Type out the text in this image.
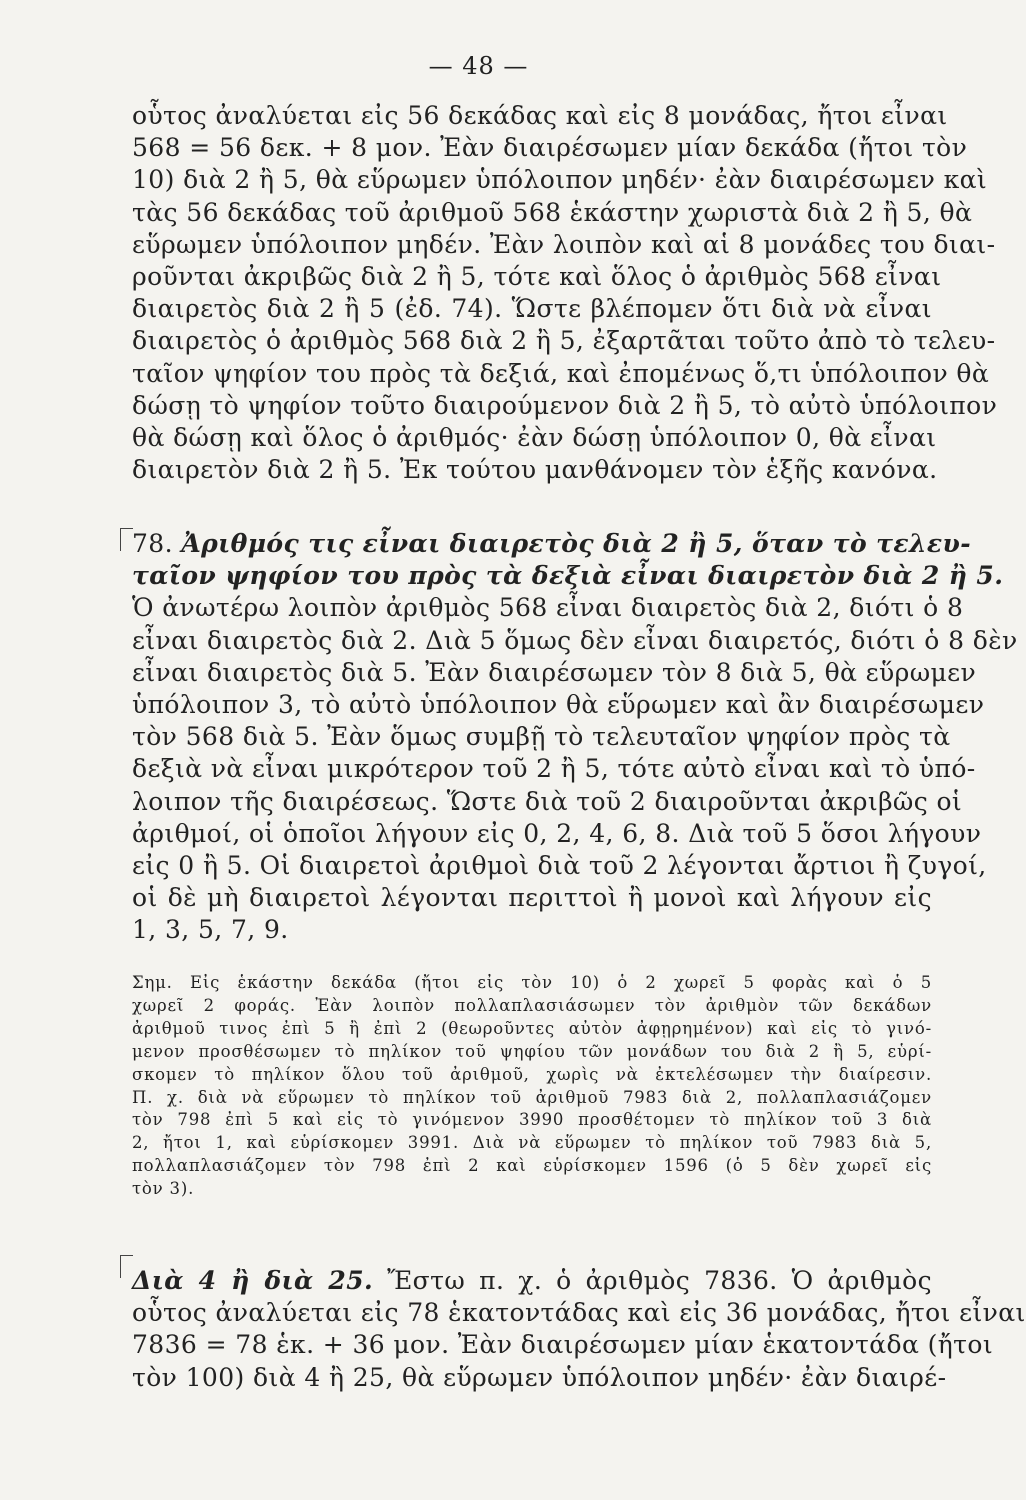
— 48 —
οὗτος ἀναλύεται εἰς 56 δεκάδας καὶ εἰς 8 μονάδας, ἤτοι εἶναι
568 = 56 δεκ. + 8 μον. Ἐὰν διαιρέσωμεν μίαν δεκάδα (ἤτοι τὸν
10) διὰ 2 ἢ 5, θὰ εὕρωμεν ὑπόλοιπον μηδέν· ἐὰν διαιρέσωμεν καὶ
τὰς 56 δεκάδας τοῦ ἀριθμοῦ 568 ἑκάστην χωριστὰ διὰ 2 ἢ 5, θὰ
εὕρωμεν ὑπόλοιπον μηδέν. Ἐὰν λοιπὸν καὶ αἱ 8 μονάδες του διαι-
ροῦνται ἀκριβῶς διὰ 2 ἢ 5, τότε καὶ ὅλος ὁ ἀριθμὸς 568 εἶναι
διαιρετὸς διὰ 2 ἢ 5 (ἐδ. 74). Ὥστε βλέπομεν ὅτι διὰ νὰ εἶναι
διαιρετὸς ὁ ἀριθμὸς 568 διὰ 2 ἢ 5, ἐξαρτᾶται τοῦτο ἀπὸ τὸ τελευ-
ταῖον ψηφίον του πρὸς τὰ δεξιά, καὶ ἐπομένως ὅ,τι ὑπόλοιπον θὰ
δώσῃ τὸ ψηφίον τοῦτο διαιρούμενον διὰ 2 ἢ 5, τὸ αὐτὸ ὑπόλοιπον
θὰ δώσῃ καὶ ὅλος ὁ ἀριθμός· ἐὰν δώσῃ ὑπόλοιπον 0, θὰ εἶναι
διαιρετὸν διὰ 2 ἢ 5. Ἐκ τούτου μανθάνομεν τὸν ἑξῆς κανόνα.
78. Ἀριθμός τις εἶναι διαιρετὸς διὰ 2 ἢ 5, ὅταν τὸ τελευ-
ταῖον ψηφίον του πρὸς τὰ δεξιὰ εἶναι διαιρετὸν διὰ 2 ἢ 5.
Ὁ ἀνωτέρω λοιπὸν ἀριθμὸς 568 εἶναι διαιρετὸς διὰ 2, διότι ὁ 8
εἶναι διαιρετὸς διὰ 2. Διὰ 5 ὅμως δὲν εἶναι διαιρετός, διότι ὁ 8 δὲν
εἶναι διαιρετὸς διὰ 5. Ἐὰν διαιρέσωμεν τὸν 8 διὰ 5, θὰ εὕρωμεν
ὑπόλοιπον 3, τὸ αὐτὸ ὑπόλοιπον θὰ εὕρωμεν καὶ ἂν διαιρέσωμεν
τὸν 568 διὰ 5. Ἐὰν ὅμως συμβῇ τὸ τελευταῖον ψηφίον πρὸς τὰ
δεξιὰ νὰ εἶναι μικρότερον τοῦ 2 ἢ 5, τότε αὐτὸ εἶναι καὶ τὸ ὑπό-
λοιπον τῆς διαιρέσεως. Ὥστε διὰ τοῦ 2 διαιροῦνται ἀκριβῶς οἱ
ἀριθμοί, οἱ ὁποῖοι λήγουν εἰς 0, 2, 4, 6, 8. Διὰ τοῦ 5 ὅσοι λήγουν
εἰς 0 ἢ 5. Οἱ διαιρετοὶ ἀριθμοὶ διὰ τοῦ 2 λέγονται ἄρτιοι ἢ ζυγοί,
οἱ δὲ μὴ διαιρετοὶ λέγονται περιττοὶ ἢ μονοὶ καὶ λήγουν εἰς
1, 3, 5, 7, 9.
Σημ. Εἰς ἑκάστην δεκάδα (ἤτοι εἰς τὸν 10) ὁ 2 χωρεῖ 5 φορὰς καὶ ὁ 5
χωρεῖ 2 φοράς. Ἐὰν λοιπὸν πολλαπλασιάσωμεν τὸν ἀριθμὸν τῶν δεκάδων
ἀριθμοῦ τινος ἐπὶ 5 ἢ ἐπὶ 2 (θεωροῦντες αὐτὸν ἀφῃρημένον) καὶ εἰς τὸ γινό-
μενον προσθέσωμεν τὸ πηλίκον τοῦ ψηφίου τῶν μονάδων του διὰ 2 ἢ 5, εὑρί-
σκομεν τὸ πηλίκον ὅλου τοῦ ἀριθμοῦ, χωρὶς νὰ ἐκτελέσωμεν τὴν διαίρεσιν.
Π. χ. διὰ νὰ εὕρωμεν τὸ πηλίκον τοῦ ἀριθμοῦ 7983 διὰ 2, πολλαπλασιάζομεν
τὸν 798 ἐπὶ 5 καὶ εἰς τὸ γινόμενον 3990 προσθέτομεν τὸ πηλίκον τοῦ 3 διὰ
2, ἤτοι 1, καὶ εὑρίσκομεν 3991. Διὰ νὰ εὕρωμεν τὸ πηλίκον τοῦ 7983 διὰ 5,
πολλαπλασιάζομεν τὸν 798 ἐπὶ 2 καὶ εὑρίσκομεν 1596 (ὁ 5 δὲν χωρεῖ εἰς
τὸν 3).
Διὰ 4 ἢ διὰ 25. Ἔστω π. χ. ὁ ἀριθμὸς 7836. Ὁ ἀριθμὸς
οὗτος ἀναλύεται εἰς 78 ἑκατοντάδας καὶ εἰς 36 μονάδας, ἤτοι εἶναι
7836 = 78 ἑκ. + 36 μον. Ἐὰν διαιρέσωμεν μίαν ἑκατοντάδα (ἤτοι
τὸν 100) διὰ 4 ἢ 25, θὰ εὕρωμεν ὑπόλοιπον μηδέν· ἐὰν διαιρέ-
